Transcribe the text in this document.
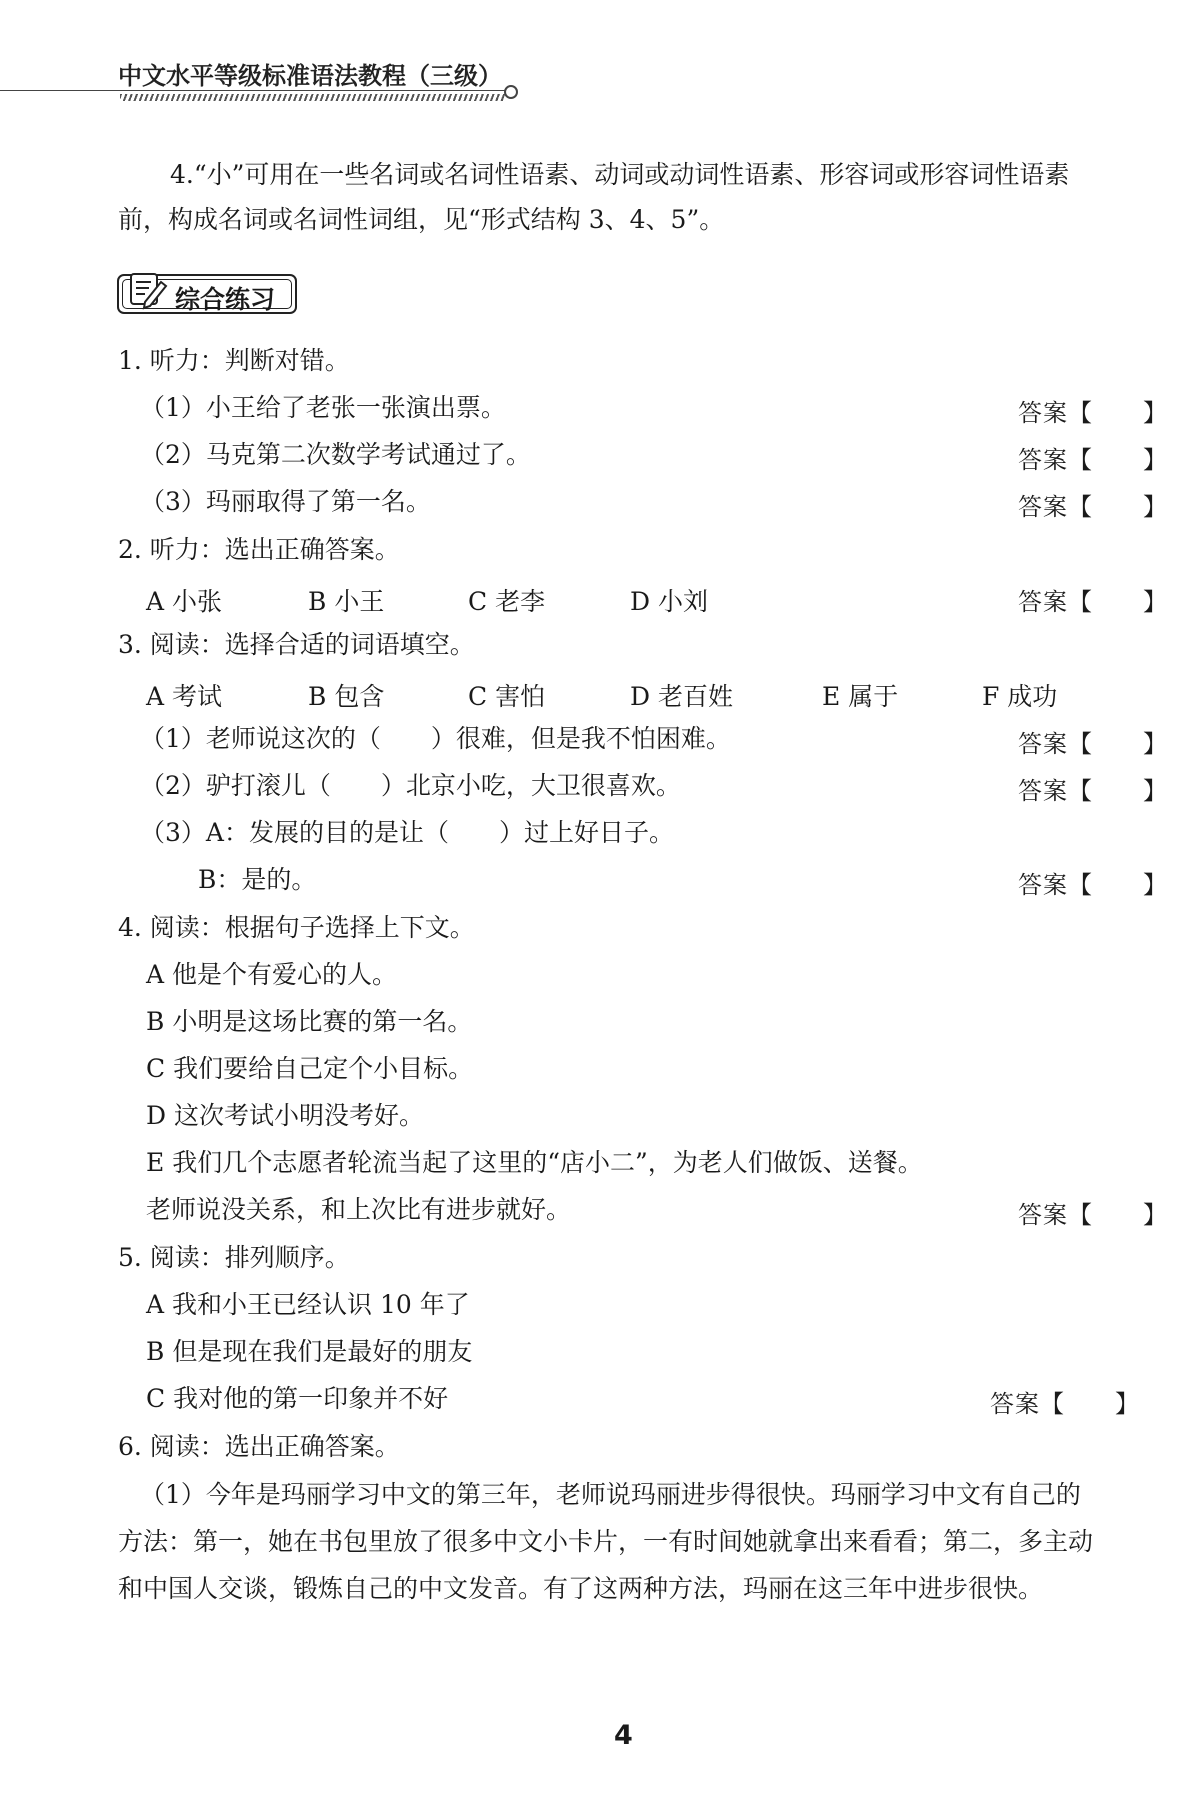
中文水平等级标准语法教程（三级）
4.“小”可用在一些名词或名词性语素、动词或动词性语素、形容词或形容词性语素
前，构成名词或名词性词组，见“形式结构 3、4、5”。
综合练习
1. 听力：判断对错。
（1）小王给了老张一张演出票。	答案【　　】
（2）马克第二次数学考试通过了。	答案【　　】
（3）玛丽取得了第一名。	答案【　　】
2. 听力：选出正确答案。
A 小张	B 小王	C 老李	D 小刘	答案【　　】
3. 阅读：选择合适的词语填空。
A 考试	B 包含	C 害怕	D 老百姓	E 属于	F 成功
（1）老师说这次的（　　）很难，但是我不怕困难。	答案【　　】
（2）驴打滚儿（　　）北京小吃，大卫很喜欢。	答案【　　】
（3）A：发展的目的是让（　　）过上好日子。
B：是的。	答案【　　】
4. 阅读：根据句子选择上下文。
A 他是个有爱心的人。
B 小明是这场比赛的第一名。
C 我们要给自己定个小目标。
D 这次考试小明没考好。
E 我们几个志愿者轮流当起了这里的“店小二”，为老人们做饭、送餐。
老师说没关系，和上次比有进步就好。	答案【　　】
5. 阅读：排列顺序。
A 我和小王已经认识 10 年了
B 但是现在我们是最好的朋友
C 我对他的第一印象并不好	答案【　　】
6. 阅读：选出正确答案。
（1）今年是玛丽学习中文的第三年，老师说玛丽进步得很快。玛丽学习中文有自己的
方法：第一，她在书包里放了很多中文小卡片，一有时间她就拿出来看看；第二，多主动
和中国人交谈，锻炼自己的中文发音。有了这两种方法，玛丽在这三年中进步很快。
4
